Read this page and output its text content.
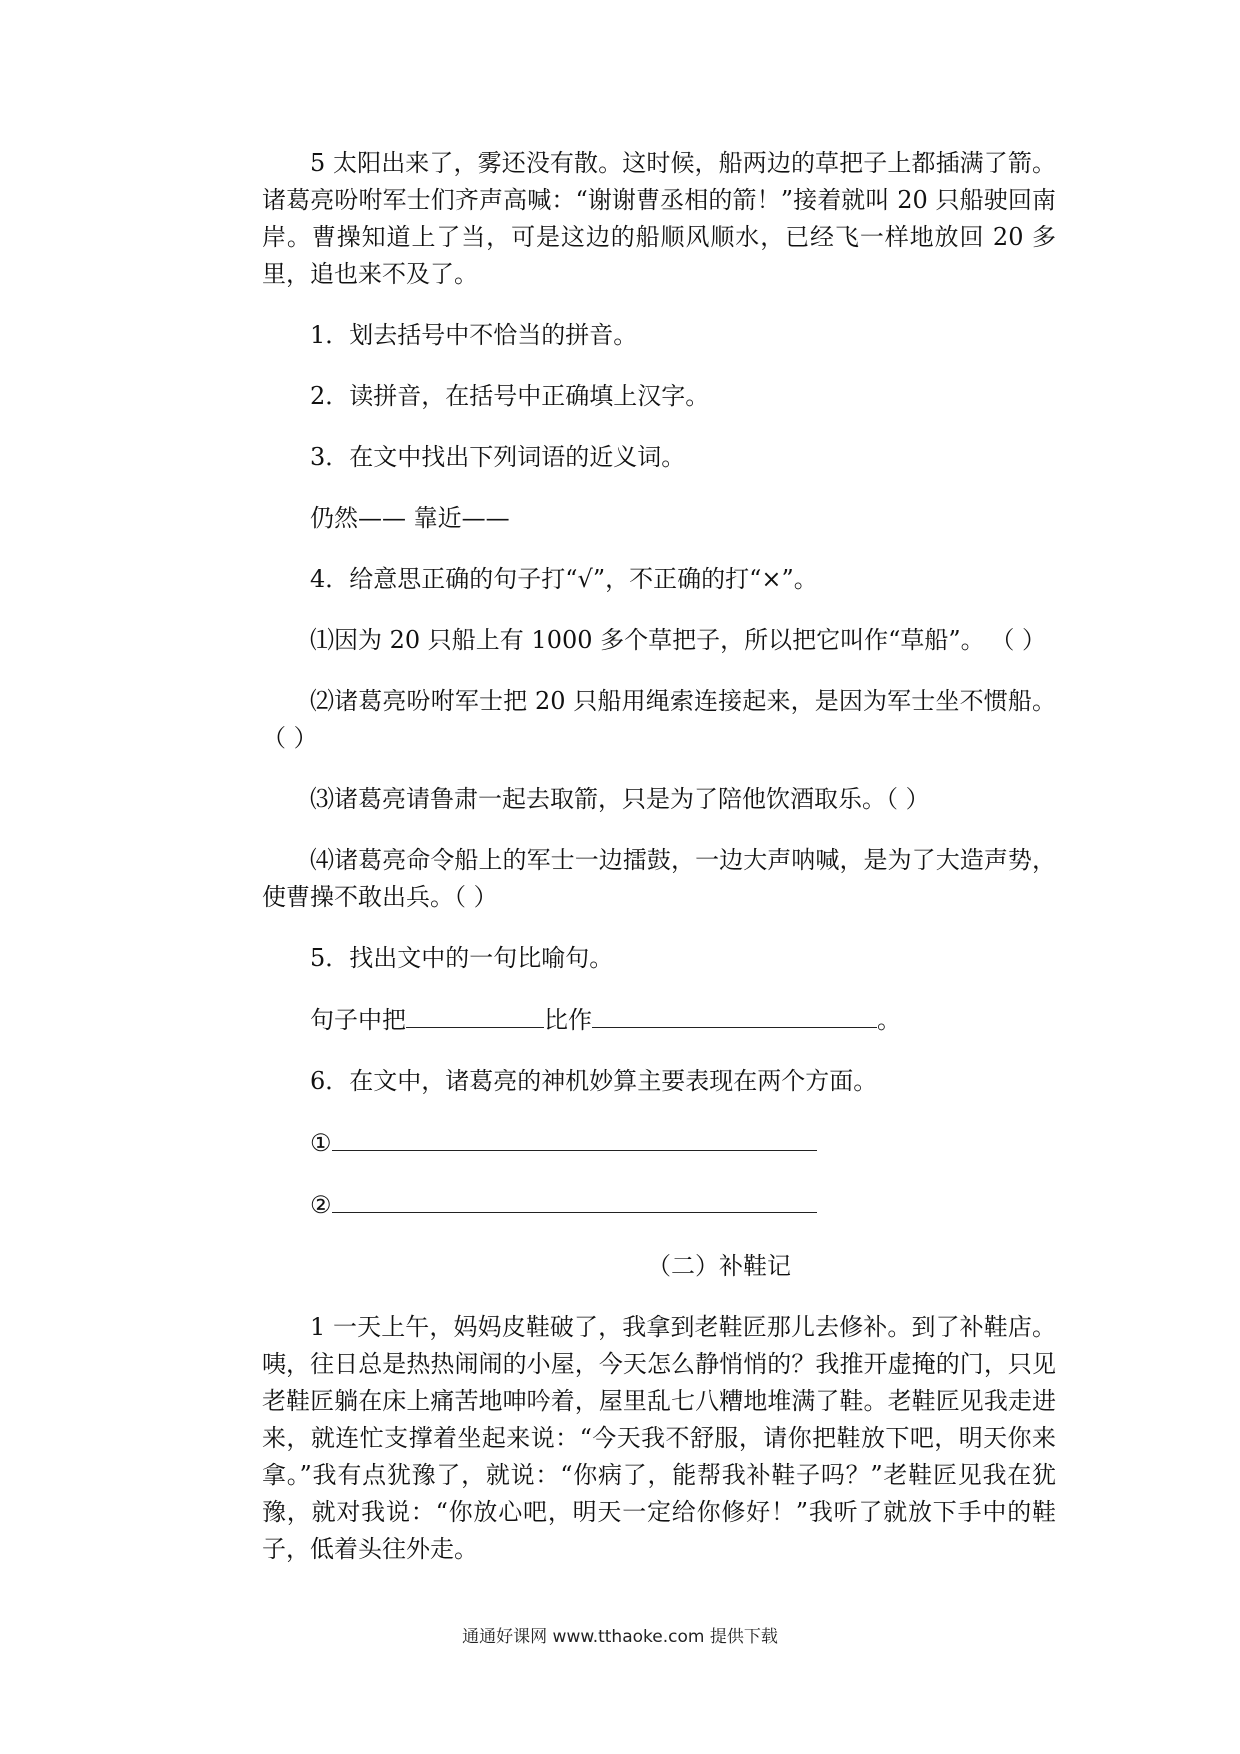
5 太阳出来了，雾还没有散。这时候，船两边的草把子上都插满了箭。诸葛亮吩咐军士们齐声高喊：“谢谢曹丞相的箭！”接着就叫 20 只船驶回南岸。曹操知道上了当，可是这边的船顺风顺水，已经飞一样地放回 20 多里，追也来不及了。

1．划去括号中不恰当的拼音。

2．读拼音，在括号中正确填上汉字。

3．在文中找出下列词语的近义词。

仍然—— 靠近——

4．给意思正确的句子打“√”，不正确的打“×”。

⑴因为 20 只船上有 1000 多个草把子，所以把它叫作“草船”。 （ ）

⑵诸葛亮吩咐军士把 20 只船用绳索连接起来，是因为军士坐不惯船。（ ）

⑶诸葛亮请鲁肃一起去取箭，只是为了陪他饮酒取乐。（ ）

⑷诸葛亮命令船上的军士一边擂鼓，一边大声呐喊，是为了大造声势，使曹操不敢出兵。（ ）

5．找出文中的一句比喻句。

句子中把	比作	。

6．在文中，诸葛亮的神机妙算主要表现在两个方面。

①

②

（二）补鞋记

1 一天上午，妈妈皮鞋破了，我拿到老鞋匠那儿去修补。到了补鞋店。咦，往日总是热热闹闹的小屋，今天怎么静悄悄的？我推开虚掩的门，只见老鞋匠躺在床上痛苦地呻吟着，屋里乱七八糟地堆满了鞋。老鞋匠见我走进来，就连忙支撑着坐起来说：“今天我不舒服，请你把鞋放下吧，明天你来拿。”我有点犹豫了，就说：“你病了，能帮我补鞋子吗？”老鞋匠见我在犹豫，就对我说：“你放心吧，明天一定给你修好！”我听了就放下手中的鞋子，低着头往外走。

通通好课网 www.tthaoke.com 提供下载
